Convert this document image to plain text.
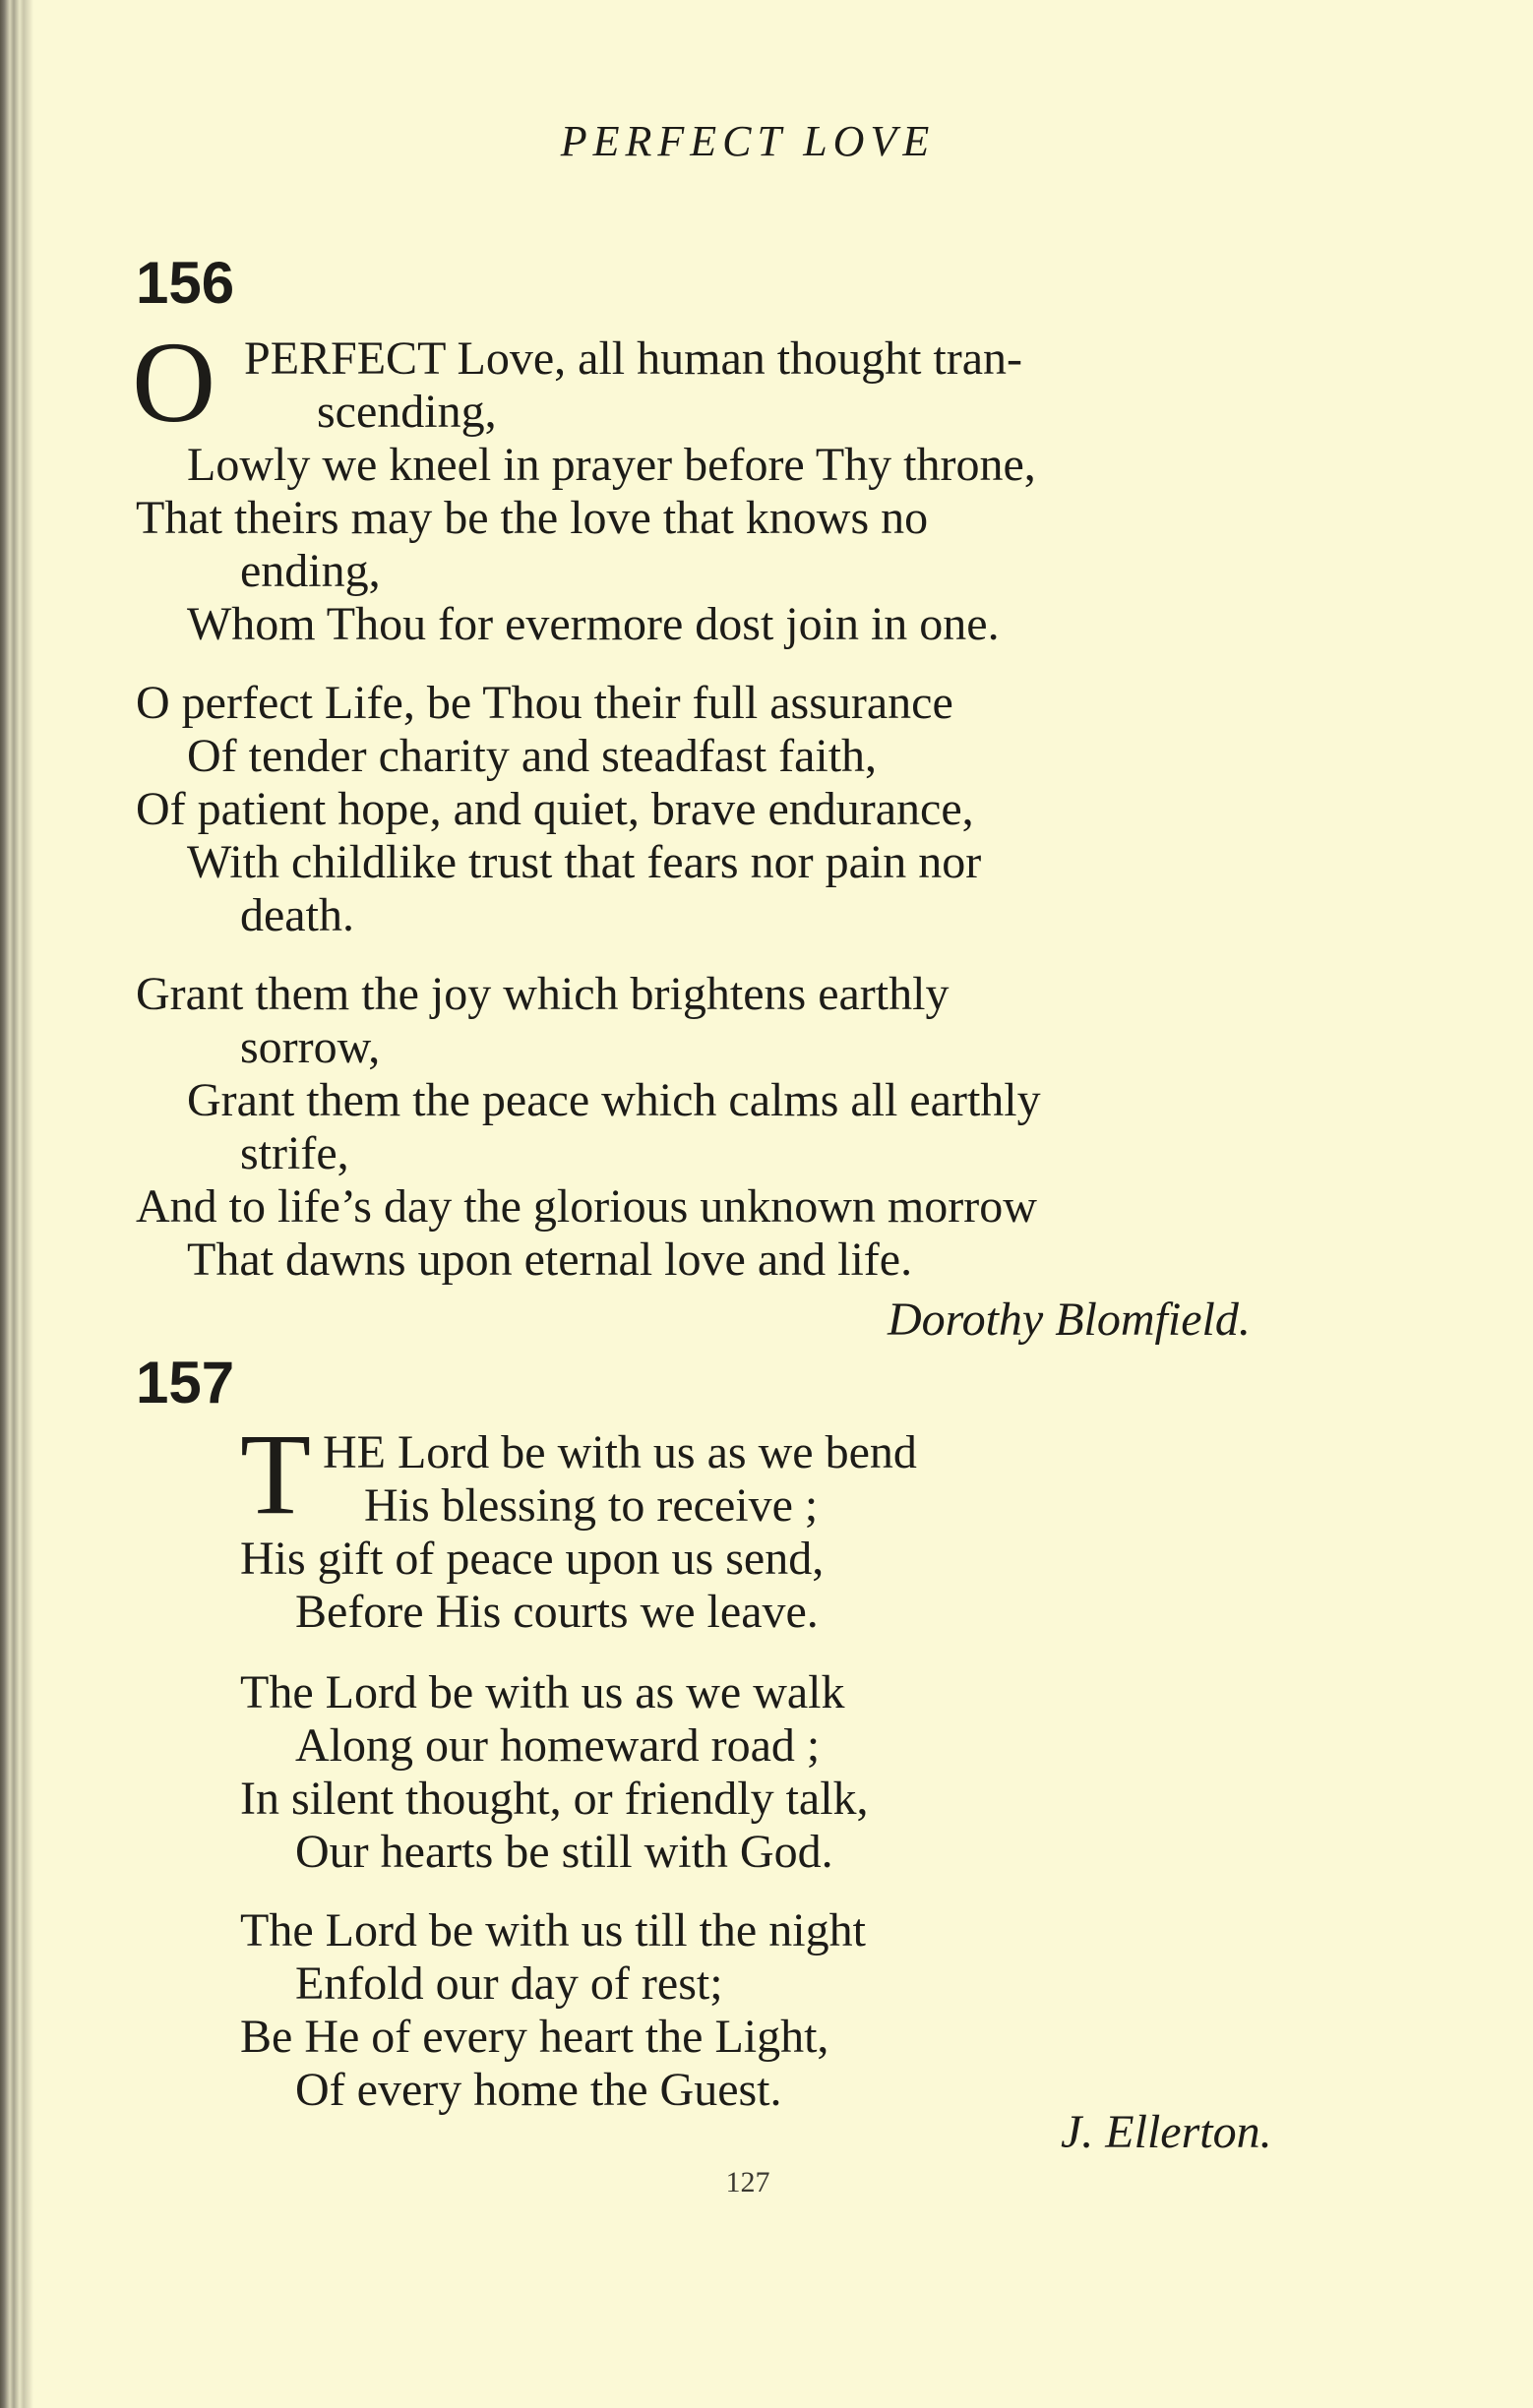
PERFECT LOVE
156
O PERFECT Love, all human thought tran-
scending,
Lowly we kneel in prayer before Thy throne,
That theirs may be the love that knows no
ending,
Whom Thou for evermore dost join in one.
O perfect Life, be Thou their full assurance
Of tender charity and steadfast faith,
Of patient hope, and quiet, brave endurance,
With childlike trust that fears nor pain nor
death.
Grant them the joy which brightens earthly
sorrow,
Grant them the peace which calms all earthly
strife,
And to life’s day the glorious unknown morrow
That dawns upon eternal love and life.
Dorothy Blomfield.
157
T HE Lord be with us as we bend
His blessing to receive ;
His gift of peace upon us send,
Before His courts we leave.
The Lord be with us as we walk
Along our homeward road ;
In silent thought, or friendly talk,
Our hearts be still with God.
The Lord be with us till the night
Enfold our day of rest;
Be He of every heart the Light,
Of every home the Guest.
J. Ellerton.
127
